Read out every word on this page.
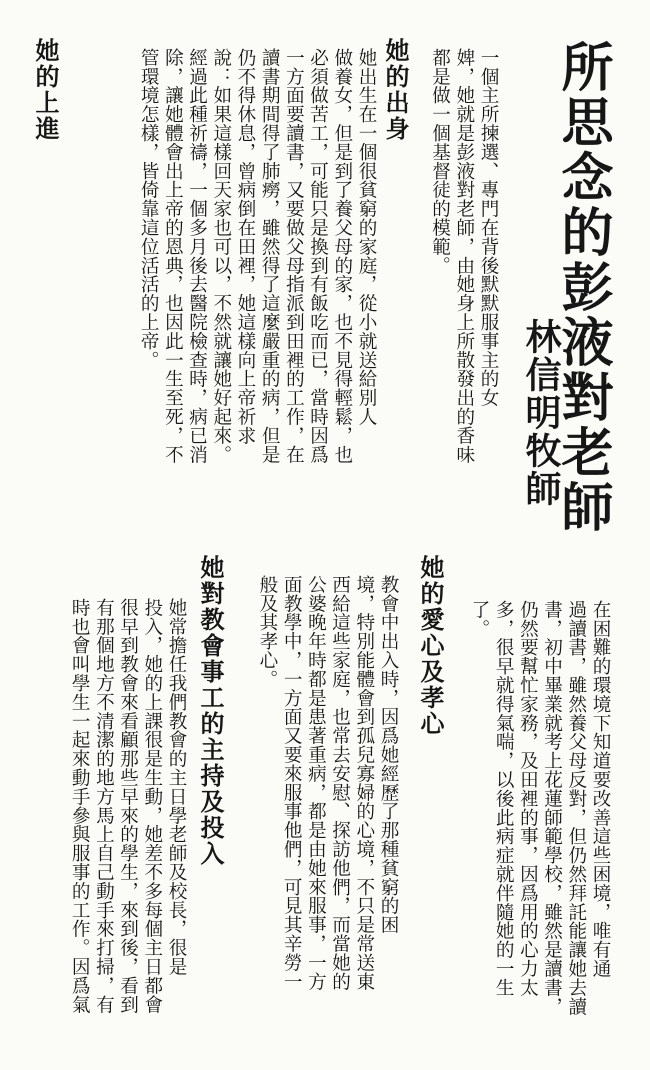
所思念的彭液對老師
林信明牧師
一個主所揀選、專門在背後默默服事主的女
婢，她就是彭液對老師，由她身上所散發出的香味
都是做一個基督徒的模範。
她的出身
她出生在一個很貧窮的家庭，從小就送給別人
做養女，但是到了養父母的家，也不見得輕鬆，也
必須做苦工，可能只是換到有飯吃而已，當時因爲
一方面要讀書，又要做父母指派到田裡的工作，在
讀書期間得了肺癆，雖然得了這麼嚴重的病，但是
仍不得休息，曾病倒在田裡，她這樣向上帝祈求
說：如果這樣回天家也可以，不然就讓她好起來。
經過此種祈禱，一個多月後去醫院檢查時，病已消
除，讓她體會出上帝的恩典，也因此一生至死，不
管環境怎樣，皆倚靠這位活活的上帝。
她的上進
在困難的環境下知道要改善這些困境，唯有通
過讀書，雖然養父母反對，但仍然拜託能讓她去讀
書，初中畢業就考上花蓮師範學校，雖然是讀書，
仍然要幫忙家務，及田裡的事，因爲用的心力太
多，很早就得氣喘，以後此病症就伴隨她的一生
了。
她的愛心及孝心
教會中出入時，因爲她經歷了那種貧窮的困
境，特別能體會到孤兒寡婦的心境，不只是常送東
西給這些家庭，也常去安慰、探訪他們，而當她的
公婆晚年時都是患著重病，都是由她來服事，一方
面教學中，一方面又要來服事他們，可見其辛勞一
般及其孝心。
她對教會事工的主持及投入
她常擔任我們教會的主日學老師及校長，很是
投入，她的上課很是生動，她差不多每個主日都會
很早到教會來看顧那些早來的學生，來到後，看到
有那個地方不清潔的地方馬上自己動手來打掃，有
時也會叫學生一起來動手參與服事的工作。因爲氣
